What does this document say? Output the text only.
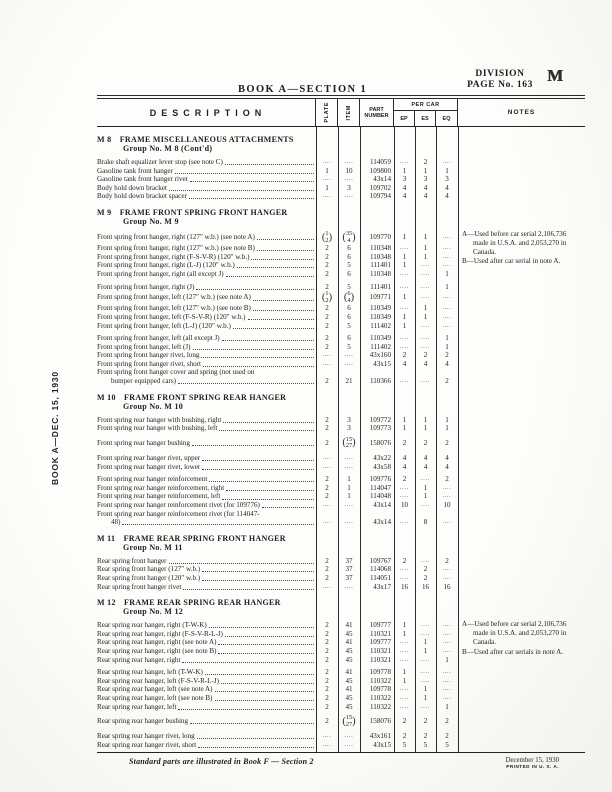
BOOK A—SECTION 1
DIVISION
PAGE No. 163 M
BOOK A—DEC. 15, 1930
DESCRIPTION	PLATE	ITEM	PART NUMBER
PER CAR
EP	ES	EQ
NOTES
M 8 FRAME MISCELLANEOUS ATTACHMENTS
Group No. M 8 (Cont'd)
Brake shaft equalizer lever stop (see note C)	....	....	114059	....	2	....
Gasoline tank front hanger	1	10	109800	1	1	1
Gasoline tank front hanger rivet	....	....	43x14	3	3	3
Body hold down bracket	1	3	109702	4	4	4
Body hold down bracket spacer	....	....	109794	4	4	4
M 9 FRAME FRONT SPRING FRONT HANGER
Group No. M 9
Front spring front hanger, right (127″ w.b.) (see note A)	( 1
2 ) ( 35
4 )	109770	1	1	....
Front spring front hanger, right (127″ w.b.) (see note B)	2	6	110348	....	1	....
Front spring front hanger, right (F-S-V-R) (120″ w.b.)	2	6	110348	1	1	....
Front spring front hanger, right (L-J) (120″ w.b.)	2	5	111401	1	....	....
Front spring front hanger, right (all except J)	2	6	110348	....	....	1
Front spring front hanger, right (J)	2	5	111401	....	....	1
Front spring front hanger, left (127″ w.b.) (see note A)	( 1
2 ) ( 6
4 )	109771	1	....	....
Front spring front hanger, left (127″ w.b.) (see note B)	2	6	110349	....	1	....
Front spring front hanger, left (F-S-V-R) (120″ w.b.)	2	6	110349	1	1	....
Front spring front hanger, left (L-J) (120″ w.b.)	2	5	111402	1	....	....
Front spring front hanger, left (all except J)	2	6	110349	....	....	1
Front spring front hanger, left (J)	2	5	111402	....	....	1
Front spring front hanger rivet, long	....	....	43x160	2	2	2
Front spring front hanger rivet, short	....	....	43x15	4	4	4
Front spring front hanger cover and spring (not used on
bumper equipped cars)	2	21	110366	....	....	2
A—Used before car serial 2,106,736 made in U.S.A. and 2,053,270 in Canada.
B—Used after car serial in note A.
M 10 FRAME FRONT SPRING REAR HANGER
Group No. M 10
Front spring rear hanger with bushing, right	2	3	109772	1	1	1
Front spring rear hanger with bushing, left	2	3	109773	1	1	1
Front spring rear hanger bushing	2	( 15
27 )	158076	2	2	2
Front spring rear hanger rivet, upper	....	....	43x22	4	4	4
Front spring rear hanger rivet, lower	....	....	43x58	4	4	4
Front spring rear hanger reinforcement	2	1	109776	2	....	2
Front spring rear hanger reinforcement, right	2	1	114047	....	1	....
Front spring rear hanger reinforcement, left	2	1	114048	....	1	....
Front spring rear hanger reinforcement rivet (for 109776)	....	....	43x14	10	....	10
Front spring rear hanger reinforcement rivet (for 114047-
48)	....	....	43x14	....	8	....
M 11 FRAME REAR SPRING FRONT HANGER
Group No. M 11
Rear spring front hanger	2	37	109767	2	....	2
Rear spring front hanger (127″ w.b.)	2	37	114068	....	2	....
Rear spring front hanger (120″ w.b.)	2	37	114051	....	2	....
Rear spring front hanger rivet	....	....	43x17	16	16	16
M 12 FRAME REAR SPRING REAR HANGER
Group No. M 12
Rear spring rear hanger, right (T-W-K)	2	41	109777	1	....	....
Rear spring rear hanger, right (F-S-V-R-L-J)	2	45	110321	1	....	....
Rear spring rear hanger, right (see note A)	2	41	109777	....	1	....
Rear spring rear hanger, right (see note B)	2	45	110321	....	1	....
Rear spring rear hanger, right	2	45	110321	....	....	1
Rear spring rear hanger, left (T-W-K)	2	41	109778	1	....	....
Rear spring rear hanger, left (F-S-V-R-L-J)	2	45	110322	1	....	....
Rear spring rear hanger, left (see note A)	2	41	109778	....	1	....
Rear spring rear hanger, left (see note B)	2	45	110322	....	1	....
Rear spring rear hanger, left	2	45	110322	....	....	1
Rear spring rear hanger bushing	2	( 15
27 )	158076	2	2	2
Rear spring rear hanger rivet, long	....	....	43x161	2	2	2
Rear spring rear hanger rivet, short	....	....	43x15	5	5	5
A—Used before car serial 2,106,736 made in U.S.A. and 2,053,270 in Canada.
B—Used after car serials in note A.
Standard parts are illustrated in Book F — Section 2	December 15, 1930
PRINTED IN U. S. A.
